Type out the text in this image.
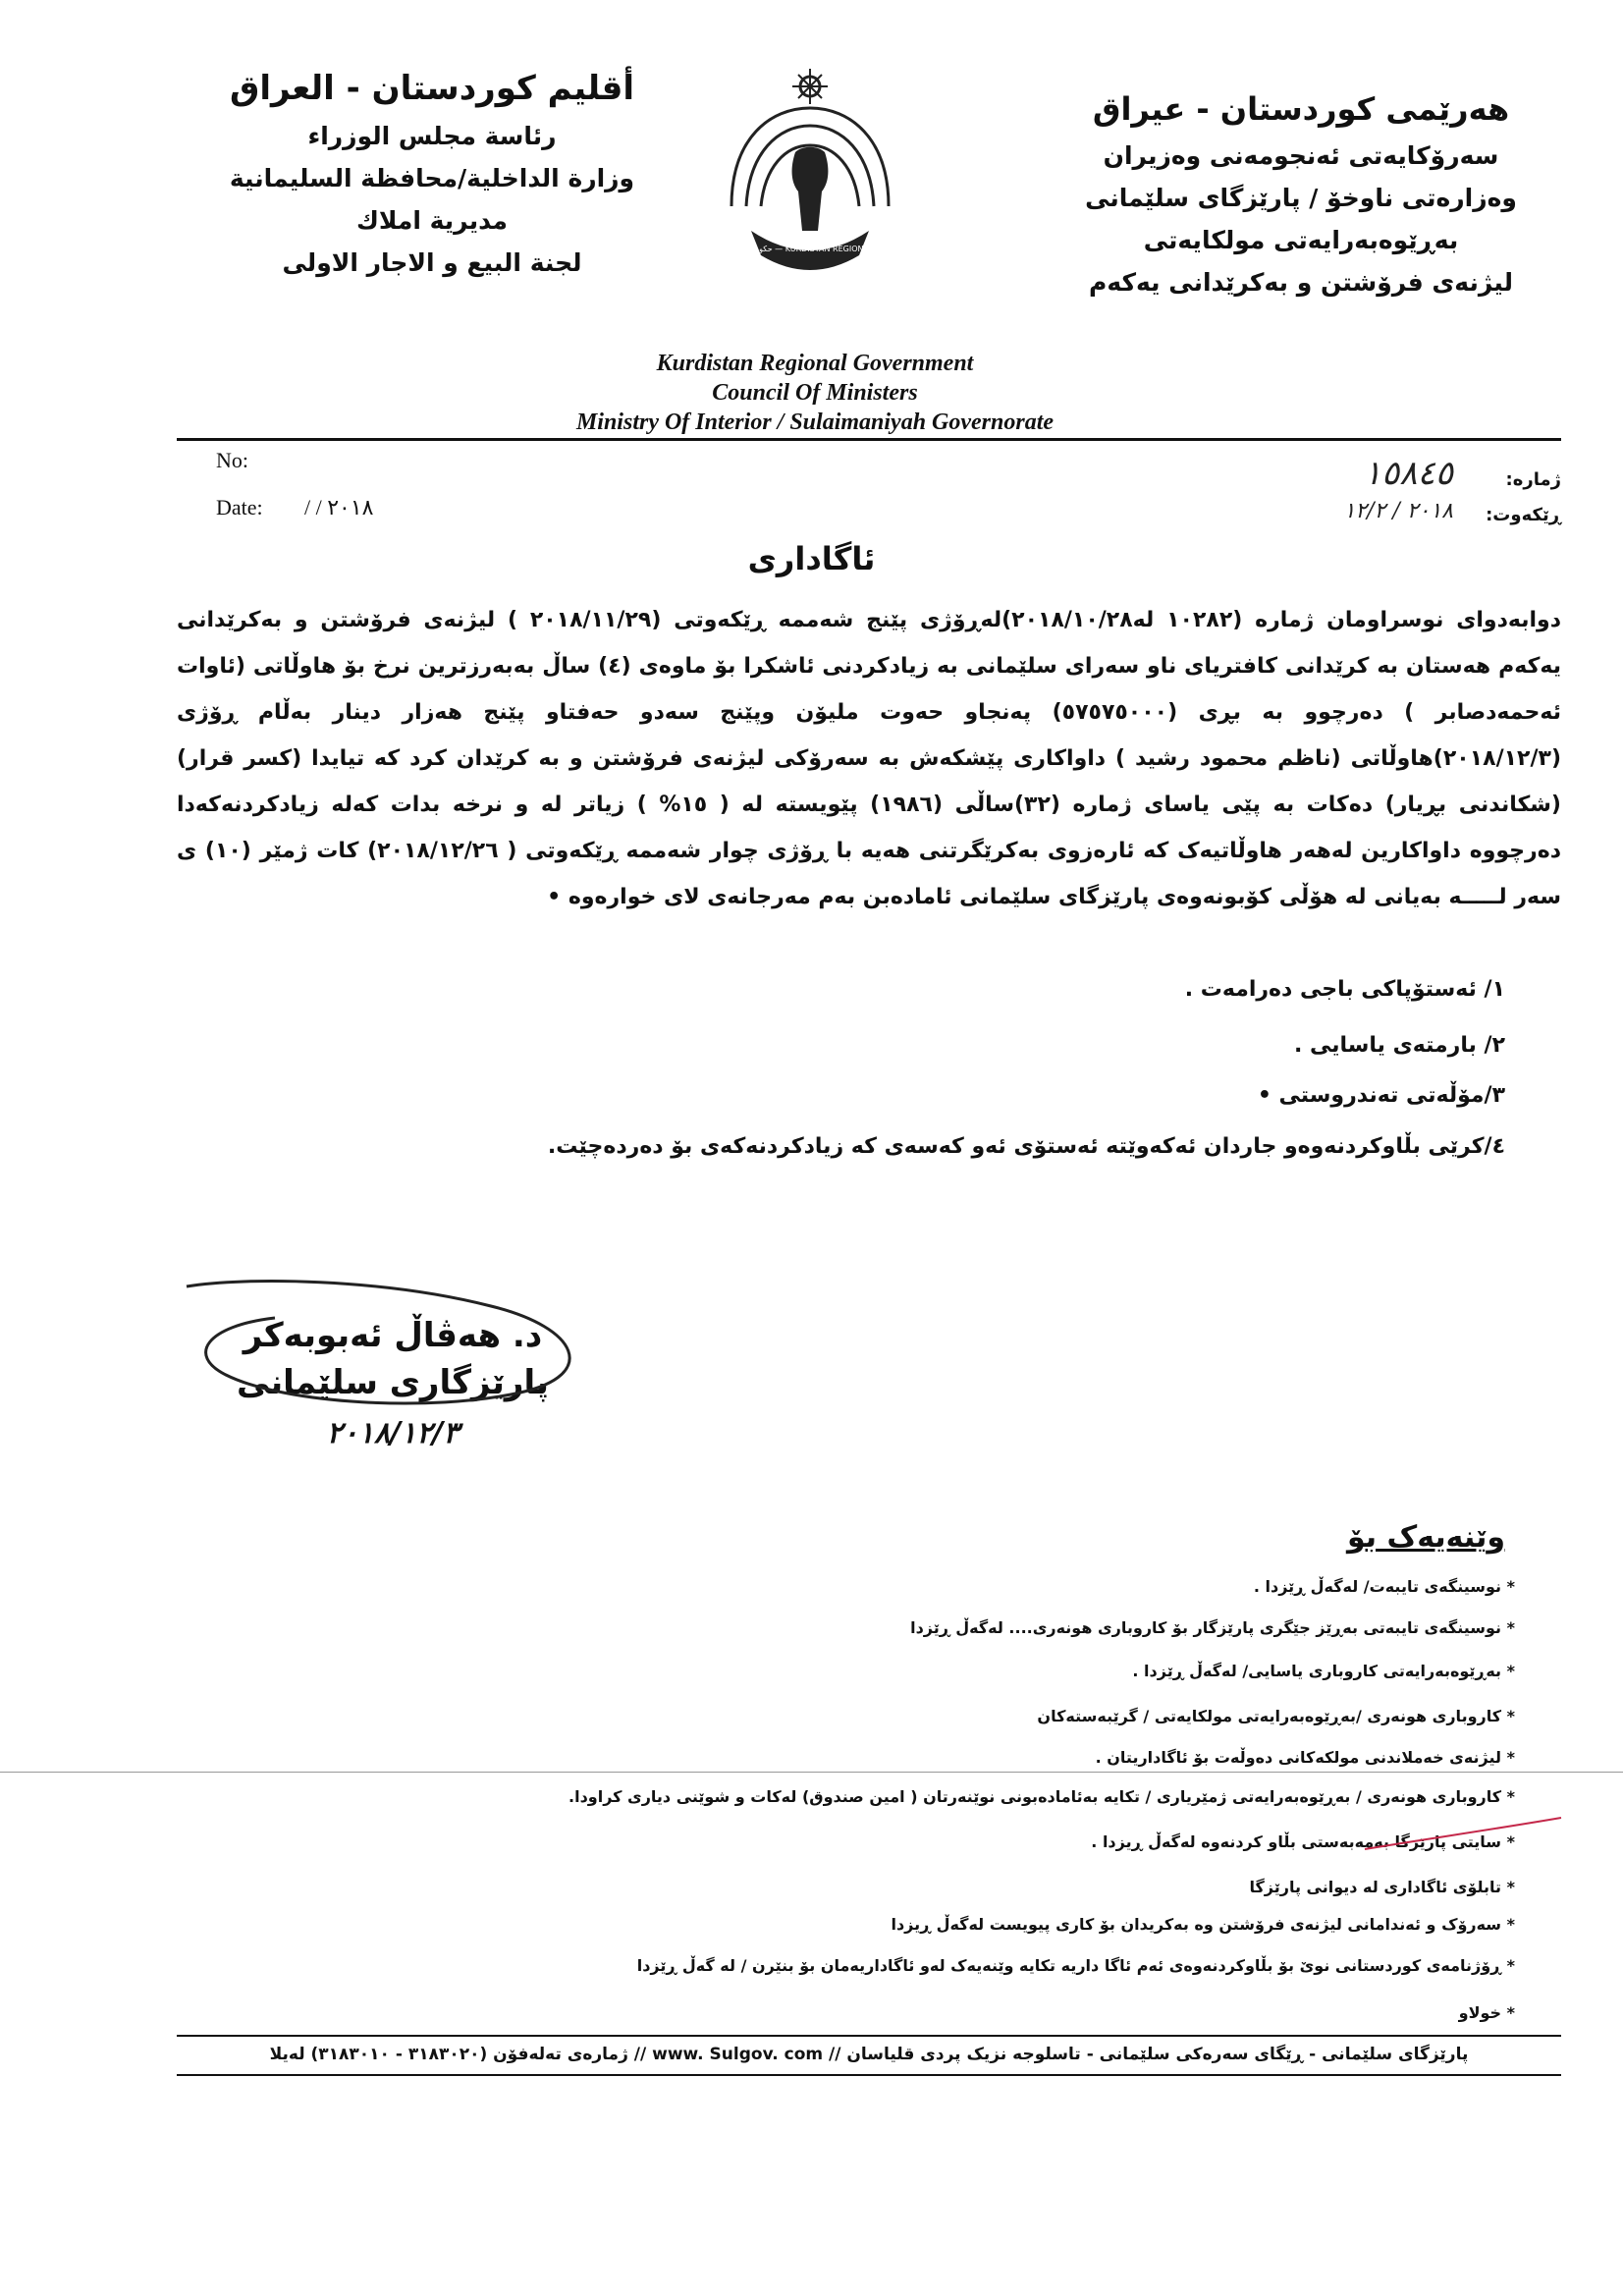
أقليم كوردستان - العراق
رئاسة مجلس الوزراء
وزارة الداخلية/محافظة السليمانية
مديرية املاك
لجنة البيع و الاجار الاولى	حكومة هةريمى كوردستان — KURDISTAN REGIONAL GOVERNMENT
هەرێمی کوردستان - عیراق
سەرۆکایەتی ئەنجومەنی وەزیران
وەزارەتی ناوخۆ / پارێزگای سلێمانی
بەڕێوەبەرایەتی مولکایەتی
لیژنەی فرۆشتن و بەکرێدانی یەکەم
Kurdistan Regional Government
Council Of Ministers
Ministry Of Interior / Sulaimaniyah Governorate
No:
Date: / / ٢٠١٨
ژمارە:
١٥٨٤٥
ڕێکەوت:
٢٠١٨ / ١٢/٢
ئاگاداری
دوابەدوای نوسراومان ژمارە (١٠٢٨٢ لە٢٠١٨/١٠/٢٨)لەڕۆژی پێنج شەممە ڕێکەوتی (٢٠١٨/١١/٢٩ ) لیژنەی فرۆشتن و بەکرێدانی یەکەم هەستان بە کرێدانی کافتریای ناو سەرای سلێمانی بە زیادکردنی ئاشکرا بۆ ماوەی (٤) ساڵ بەبەرزترین نرخ بۆ هاوڵاتی (ئاوات ئەحمەدصابر ) دەرچوو بە بڕی (٥٧٥٧٥٠٠٠) پەنجاو حەوت ملیۆن وپێنج سەدو حەفتاو پێنج هەزار دینار بەڵام ڕۆژی (٢٠١٨/١٢/٣)هاوڵاتی (ناظم محمود رشید ) داواکاری پێشکەش بە سەرۆکی لیژنەی فرۆشتن و بە کرێدان کرد کە تیایدا (کسر قرار) (شکاندنی بڕیار) دەکات بە پێی یاسای ژمارە (٣٢)ساڵی (١٩٨٦) پێویستە لە ( ١٥% ) زیاتر لە و نرخە بدات کەلە زیادکردنەکەدا دەرچووە داواکارین لەهەر هاوڵاتیەک کە ئارەزوی بەکرێگرتنی هەیە با ڕۆژی چوار شەممە ڕێکەوتی ( ٢٠١٨/١٢/٢٦) کات ژمێر (١٠) ی سەر لـــــە بەیانی لە هۆڵی کۆبونەوەی پارێزگای سلێمانی ئامادەبن بەم مەرجانەی لای خوارەوە •
١/ ئەستۆپاکی باجی دەرامەت .
٢/ بارمتەی یاسایی .
٣/مۆڵەتی تەندروستی •
٤/کرێی بڵاوکردنەوەو جاردان ئەکەوێتە ئەستۆی ئەو کەسەی کە زیادکردنەکەی بۆ دەردەچێت.
د. هەڤاڵ ئەبوبەکر
پارێزگاری سلێمانی
٢٠١٨/١٢/٣
وێنەیەک بۆ
* نوسینگەی تایبەت/ لەگەڵ ڕێزدا .
* نوسینگەی تایبەتی بەڕێز جێگری پارێزگار بۆ کاروباری هونەری.... لەگەڵ ڕێزدا
* بەڕێوەبەرایەتی کاروباری یاسایی/ لەگەڵ ڕێزدا .
* کاروباری هونەری /بەڕێوەبەرایەتی مولکایەتی / گرێبەستەکان
* لیژنەی خەملاندنی مولکەکانی دەوڵەت بۆ ئاگاداریتان .
* کاروباری هونەری / بەڕێوەبەرایەتی ژمێریاری / تکایە بەئامادەبونی نوێنەرتان ( امین صندوق) لەکات و شوێنی دیاری کراودا.
* سایتی پارێزگا بەمەبەستی بڵاو کردنەوە لەگەڵ ڕیزدا .
* تابلۆی ئاگاداری لە دیوانی پارێزگا
* سەرۆک و ئەندامانی لیژنەی فرۆشتن وە بەکریدان بۆ کاری پیویست لەگەڵ ڕیزدا
* ڕۆژنامەی کوردستانی نوێ بۆ بڵاوکردنەوەی ئەم ئاگا داریە تکایە وێنەیەک لەو ئاگاداریەمان بۆ بنێرن / لە گەڵ ڕێزدا
* خولاو
پارێزگای سلێمانی - ڕێگای سەرەکی سلێمانی - تاسلوجە نزیک پردی قلیاسان // www. Sulgov. com // ژمارەی تەلەفۆن (٣١٨٣٠٢٠ - ٣١٨٣٠١٠) لەیلا
